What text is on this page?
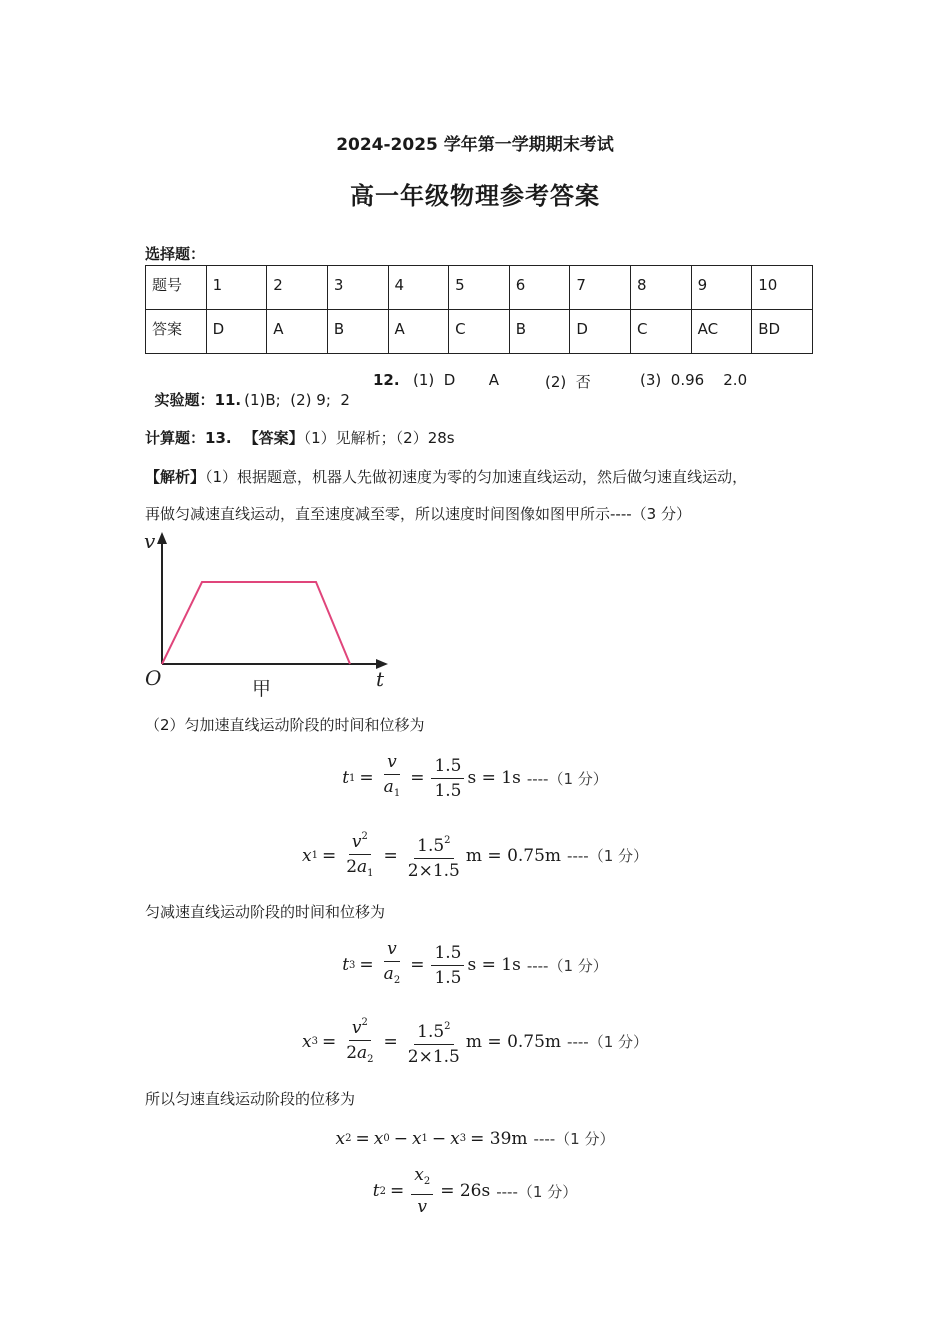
2024-2025 学年第一学期期末考试
高一年级物理参考答案
选择题：
题号	1	2	3	4	5	6	7	8	9	10
答案	D	A	B	A	C	B	D	C	AC	BD

实验题：11. (1)B;  (2) 9;  2

12. (1)  D       A	(2)  否	(3)  0.96    2.0
计算题：13. 【答案】（1）见解析；（2）28s
【解析】（1）根据题意，机器人先做初速度为零的匀加速直线运动，然后做匀速直线运动，
再做匀减速直线运动，直至速度减至零，所以速度时间图像如图甲所示----（3 分）
v
t
O	甲
（2）匀加速直线运动阶段的时间和位移为
t $1 = \frac{v}{a_1} = \frac{1.5}{1.5}$ s = 1s ----（1 分）
x $1 = \frac{v^2}{2a_1} = \frac{1.5^2}{2\times 1.5}$ m = 0.75m ----（1 分）
匀减速直线运动阶段的时间和位移为
t $3 = \frac{v}{a_2} = \frac{1.5}{1.5}$ s = 1s ----（1 分）
x $3 = \frac{v^2}{2a_2} = \frac{1.5^2}{2\times 1.5}$ m = 0.75m ----（1 分）
所以匀速直线运动阶段的位移为
x 2 = x 0 − x 1 − x 3 = 39m ----（1 分）
t $2 = \frac{x_2}{v} = 26s$ ----（1 分）
